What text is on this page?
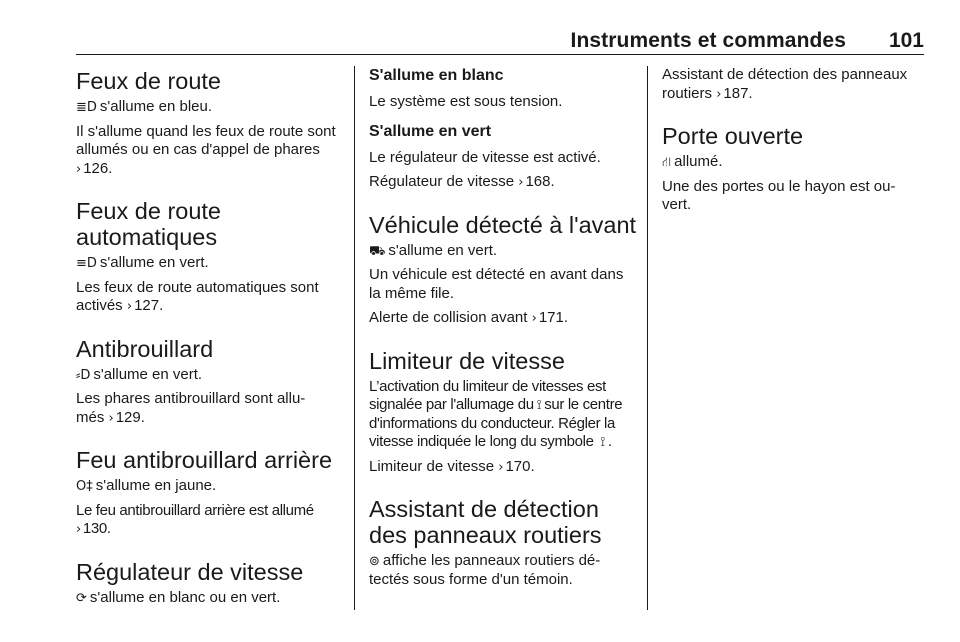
Instruments et commandes 101
Feux de route

≣D s'allume en bleu.

Il s'allume quand les feux de route sont allumés ou en cas d'appel de phares › 126.

Feux de route automatiques

≡D s'allume en vert.

Les feux de route automatiques sont activés › 127.

Antibrouillard

⸗D s'allume en vert.

Les phares antibrouillard sont allu-
més › 129.

Feu antibrouillard arrière

O‡ s'allume en jaune.

Le feu antibrouillard arrière est allumé › 130.

Régulateur de vitesse

⟳ s'allume en blanc ou en vert.

S'allume en blanc

Le système est sous tension.

S'allume en vert

Le régulateur de vitesse est activé.

Régulateur de vitesse › 168.

Véhicule détecté à l'avant

⛟ s'allume en vert.

Un véhicule est détecté en avant dans la même file.

Alerte de collision avant › 171.

Limiteur de vitesse

L’activation du limiteur de vitesses est signalée par l'allumage du ⟟ sur le centre d'informations du conducteur. Régler la vitesse indiquée le long du symbole ⟟ .

Limiteur de vitesse › 170.

Assistant de détection des panneaux routiers

⊚ affiche les panneaux routiers dé-
tectés sous forme d'un témoin.

Assistant de détection des panneaux routiers › 187.

Porte ouverte

⛙ allumé.

Une des portes ou le hayon est ou-
vert.
